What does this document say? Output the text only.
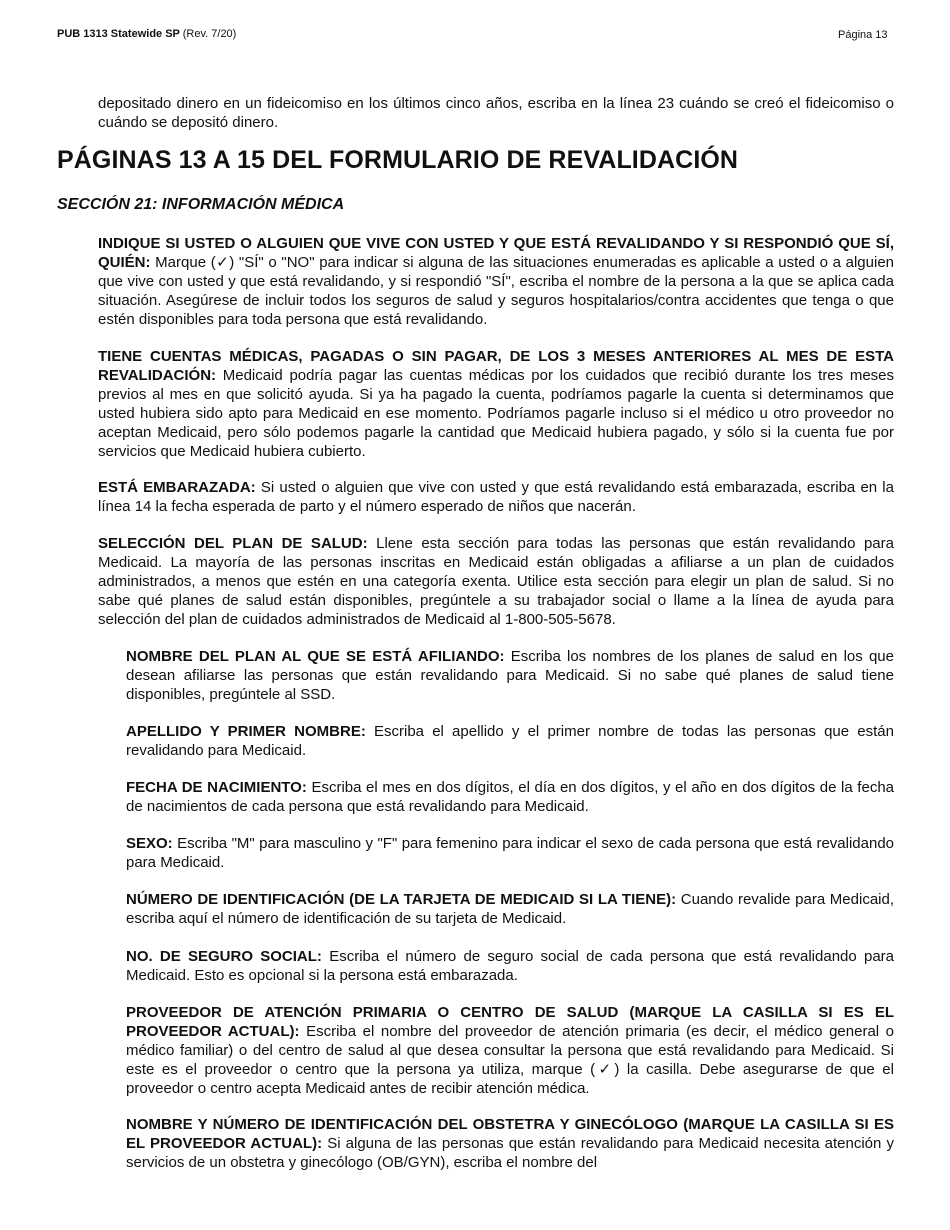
PUB 1313 Statewide SP (Rev. 7/20)	Página 13

depositado dinero en un fideicomiso en los últimos cinco años, escriba en la línea 23 cuándo se creó el fideicomiso o cuándo se depositó dinero.

PÁGINAS 13 A 15 DEL FORMULARIO DE REVALIDACIÓN
SECCIÓN 21: INFORMACIÓN MÉDICA

INDIQUE SI USTED O ALGUIEN QUE VIVE CON USTED Y QUE ESTÁ REVALIDANDO Y SI RESPONDIÓ QUE SÍ, QUIÉN: Marque (✓) "SÍ" o "NO" para indicar si alguna de las situaciones enumeradas es aplicable a usted o a alguien que vive con usted y que está revalidando, y si respondió "SÍ", escriba el nombre de la persona a la que se aplica cada situación. Asegúrese de incluir todos los seguros de salud y seguros hospitalarios/contra accidentes que tenga o que estén disponibles para toda persona que está revalidando.

TIENE CUENTAS MÉDICAS, PAGADAS O SIN PAGAR, DE LOS 3 MESES ANTERIORES AL MES DE ESTA REVALIDACIÓN: Medicaid podría pagar las cuentas médicas por los cuidados que recibió durante los tres meses previos al mes en que solicitó ayuda. Si ya ha pagado la cuenta, podríamos pagarle la cuenta si determinamos que usted hubiera sido apto para Medicaid en ese momento. Podríamos pagarle incluso si el médico u otro proveedor no aceptan Medicaid, pero sólo podemos pagarle la cantidad que Medicaid hubiera pagado, y sólo si la cuenta fue por servicios que Medicaid hubiera cubierto.

ESTÁ EMBARAZADA: Si usted o alguien que vive con usted y que está revalidando está embarazada, escriba en la línea 14 la fecha esperada de parto y el número esperado de niños que nacerán.

SELECCIÓN DEL PLAN DE SALUD: Llene esta sección para todas las personas que están revalidando para Medicaid. La mayoría de las personas inscritas en Medicaid están obligadas a afiliarse a un plan de cuidados administrados, a menos que estén en una categoría exenta. Utilice esta sección para elegir un plan de salud. Si no sabe qué planes de salud están disponibles, pregúntele a su trabajador social o llame a la línea de ayuda para selección del plan de cuidados administrados de Medicaid al 1-800-505-5678.

NOMBRE DEL PLAN AL QUE SE ESTÁ AFILIANDO: Escriba los nombres de los planes de salud en los que desean afiliarse las personas que están revalidando para Medicaid. Si no sabe qué planes de salud tiene disponibles, pregúntele al SSD.

APELLIDO Y PRIMER NOMBRE: Escriba el apellido y el primer nombre de todas las personas que están revalidando para Medicaid.

FECHA DE NACIMIENTO: Escriba el mes en dos dígitos, el día en dos dígitos, y el año en dos dígitos de la fecha de nacimientos de cada persona que está revalidando para Medicaid.

SEXO: Escriba "M" para masculino y "F" para femenino para indicar el sexo de cada persona que está revalidando para Medicaid.

NÚMERO DE IDENTIFICACIÓN (DE LA TARJETA DE MEDICAID SI LA TIENE): Cuando revalide para Medicaid, escriba aquí el número de identificación de su tarjeta de Medicaid.

NO. DE SEGURO SOCIAL: Escriba el número de seguro social de cada persona que está revalidando para Medicaid. Esto es opcional si la persona está embarazada.

PROVEEDOR DE ATENCIÓN PRIMARIA O CENTRO DE SALUD (MARQUE LA CASILLA SI ES EL PROVEEDOR ACTUAL): Escriba el nombre del proveedor de atención primaria (es decir, el médico general o médico familiar) o del centro de salud al que desea consultar la persona que está revalidando para Medicaid. Si este es el proveedor o centro que la persona ya utiliza, marque (✓) la casilla. Debe asegurarse de que el proveedor o centro acepta Medicaid antes de recibir atención médica.

NOMBRE Y NÚMERO DE IDENTIFICACIÓN DEL OBSTETRA Y GINECÓLOGO (MARQUE LA CASILLA SI ES EL PROVEEDOR ACTUAL): Si alguna de las personas que están revalidando para Medicaid necesita atención y servicios de un obstetra y ginecólogo (OB/GYN), escriba el nombre del
